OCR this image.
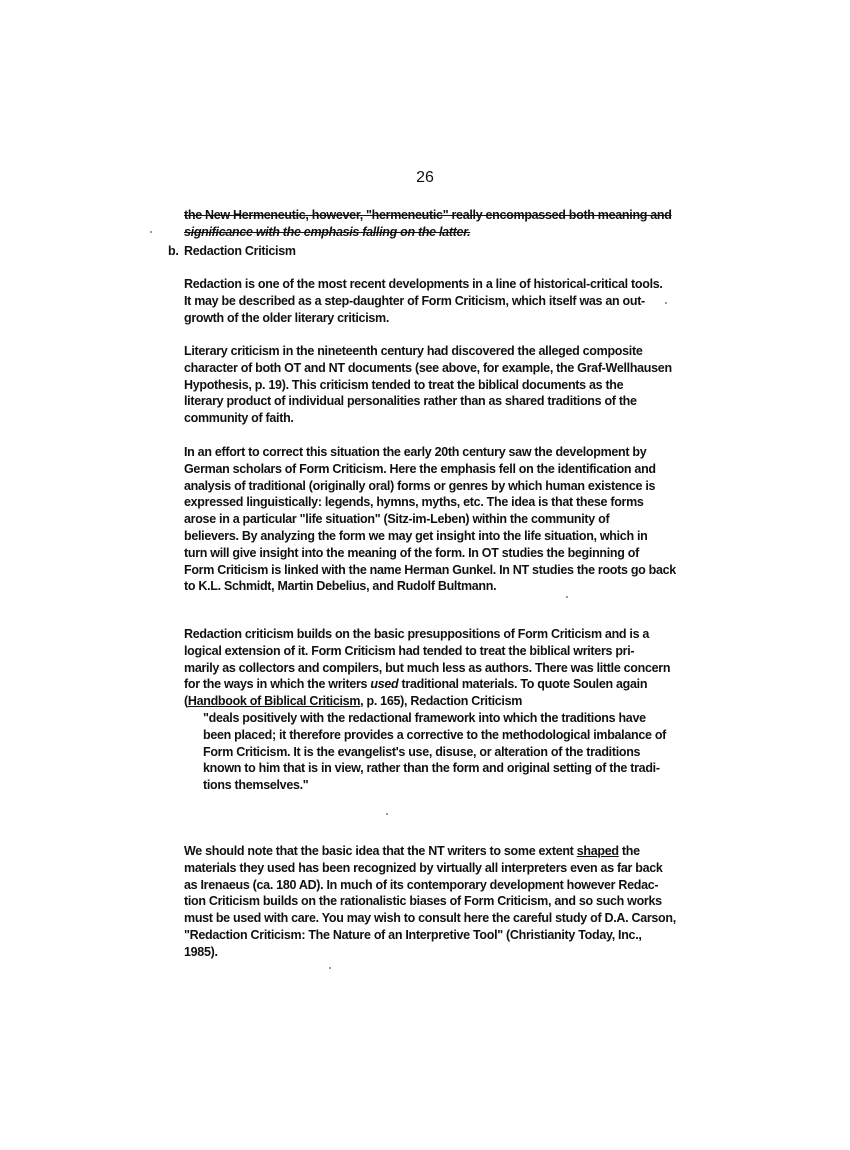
26
the New Hermeneutic, however, "hermeneutic" really encompassed both meaning and
significance with the emphasis falling on the latter.
b. Redaction Criticism
Redaction is one of the most recent developments in a line of historical-critical tools.
It may be described as a step-daughter of Form Criticism, which itself was an out-
growth of the older literary criticism.
Literary criticism in the nineteenth century had discovered the alleged composite
character of both OT and NT documents (see above, for example, the Graf-Wellhausen
Hypothesis, p. 19). This criticism tended to treat the biblical documents as the
literary product of individual personalities rather than as shared traditions of the
community of faith.
In an effort to correct this situation the early 20th century saw the development by
German scholars of Form Criticism. Here the emphasis fell on the identification and
analysis of traditional (originally oral) forms or genres by which human existence is
expressed linguistically: legends, hymns, myths, etc. The idea is that these forms
arose in a particular "life situation" (Sitz-im-Leben) within the community of
believers. By analyzing the form we may get insight into the life situation, which in
turn will give insight into the meaning of the form. In OT studies the beginning of
Form Criticism is linked with the name Herman Gunkel. In NT studies the roots go back
to K.L. Schmidt, Martin Debelius, and Rudolf Bultmann.
Redaction criticism builds on the basic presuppositions of Form Criticism and is a
logical extension of it. Form Criticism had tended to treat the biblical writers pri-
marily as collectors and compilers, but much less as authors. There was little concern
for the ways in which the writers used traditional materials. To quote Soulen again
(Handbook of Biblical Criticism, p. 165), Redaction Criticism
"deals positively with the redactional framework into which the traditions have
been placed; it therefore provides a corrective to the methodological imbalance of
Form Criticism. It is the evangelist's use, disuse, or alteration of the traditions
known to him that is in view, rather than the form and original setting of the tradi-
tions themselves."
We should note that the basic idea that the NT writers to some extent shaped the
materials they used has been recognized by virtually all interpreters even as far back
as Irenaeus (ca. 180 AD). In much of its contemporary development however Redac-
tion Criticism builds on the rationalistic biases of Form Criticism, and so such works
must be used with care. You may wish to consult here the careful study of D.A. Carson,
"Redaction Criticism: The Nature of an Interpretive Tool" (Christianity Today, Inc.,
1985).
